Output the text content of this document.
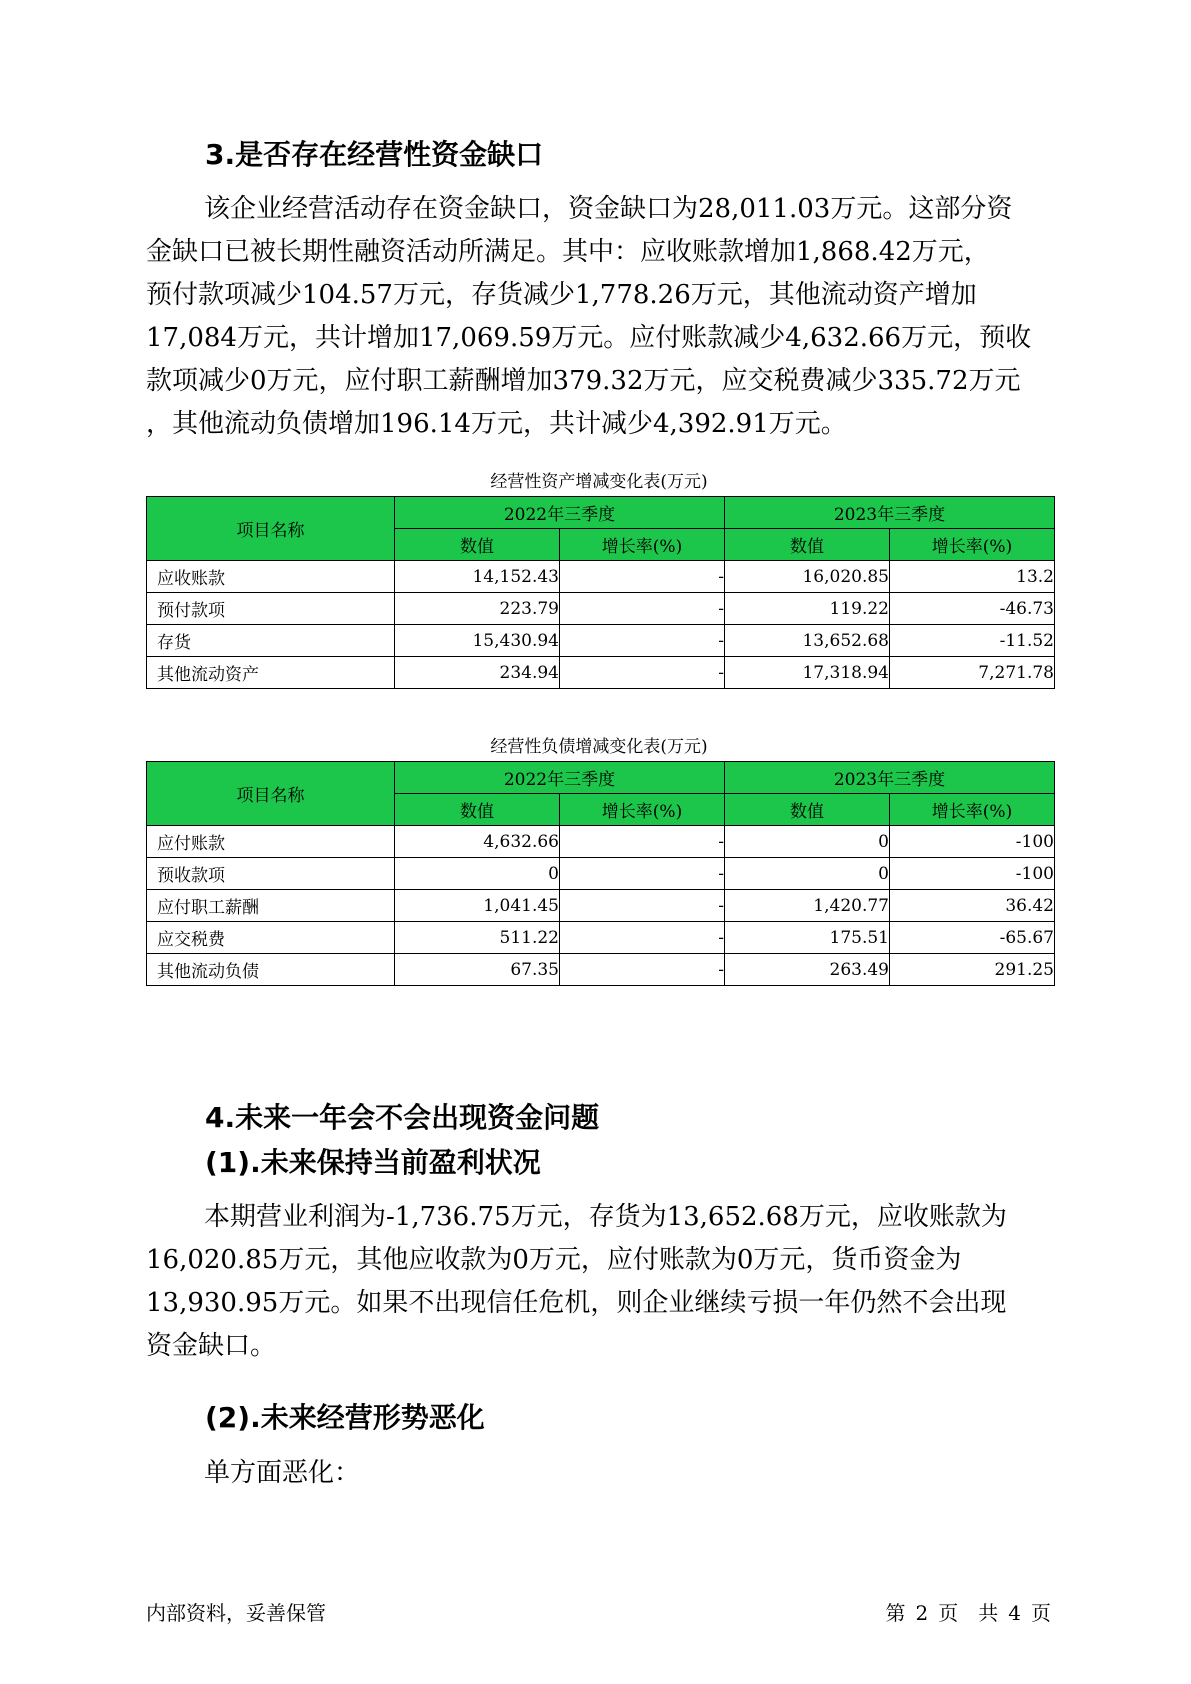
3.是否存在经营性资金缺口
该企业经营活动存在资金缺口，资金缺口为28,011.03万元。这部分资
金缺口已被长期性融资活动所满足。其中：应收账款增加1,868.42万元，
预付款项减少104.57万元，存货减少1,778.26万元，其他流动资产增加
17,084万元，共计增加17,069.59万元。应付账款减少4,632.66万元，预收
款项减少0万元，应付职工薪酬增加379.32万元，应交税费减少335.72万元
，其他流动负债增加196.14万元，共计减少4,392.91万元。
经营性资产增减变化表(万元)
项目名称	2022年三季度		2023年三季度	
	数值	增长率(%)	数值	增长率(%)
应收账款	14,152.43	-	16,020.85	13.2
预付款项	223.79	-	119.22	-46.73
存货	15,430.94	-	13,652.68	-11.52
其他流动资产	234.94	-	17,318.94	7,271.78
经营性负债增减变化表(万元)
项目名称	2022年三季度		2023年三季度	
	数值	增长率(%)	数值	增长率(%)
应付账款	4,632.66	-	0	-100
预收款项	0	-	0	-100
应付职工薪酬	1,041.45	-	1,420.77	36.42
应交税费	511.22	-	175.51	-65.67
其他流动负债	67.35	-	263.49	291.25
4.未来一年会不会出现资金问题
(1).未来保持当前盈利状况
本期营业利润为-1,736.75万元，存货为13,652.68万元，应收账款为
16,020.85万元，其他应收款为0万元，应付账款为0万元，货币资金为
13,930.95万元。如果不出现信任危机，则企业继续亏损一年仍然不会出现
资金缺口。
(2).未来经营形势恶化
单方面恶化：
内部资料，妥善保管	第 2 页 共 4 页
